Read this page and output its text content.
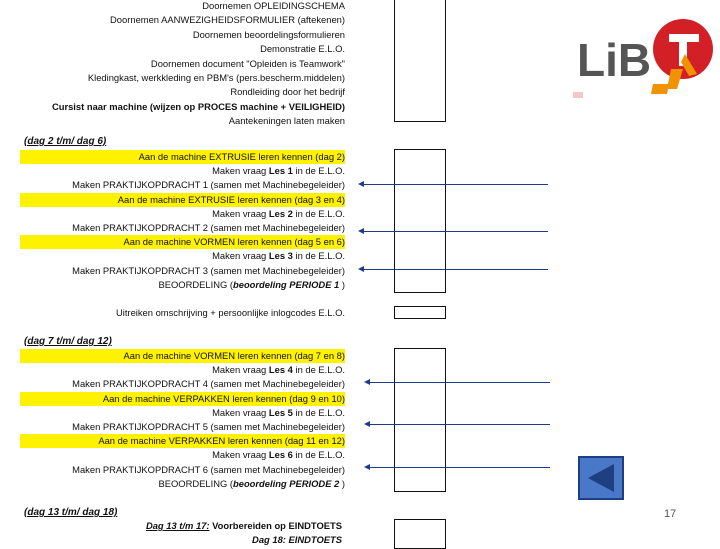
Doornemen OPLEIDINGSCHEMA
Doornemen AANWEZIGHEIDSFORMULIER (aftekenen)
Doornemen beoordelingsformulieren
Demonstratie E.L.O.
Doornemen document "Opleiden is Teamwork"
Kledingkast, werkkleding en PBM's (pers.bescherm.middelen)
Rondleiding door het bedrijf
Cursist naar machine (wijzen op PROCES machine + VEILIGHEID)
Aantekeningen laten maken
(dag 2 t/m/ dag 6)
Aan de machine EXTRUSIE leren kennen (dag 2)
Maken vraag Les 1 in de E.L.O.
Maken PRAKTIJKOPDRACHT 1 (samen met Machinebegeleider)
Aan de machine EXTRUSIE leren kennen (dag 3 en 4)
Maken vraag Les 2 in de E.L.O.
Maken PRAKTIJKOPDRACHT 2 (samen met Machinebegeleider)
Aan de machine VORMEN leren kennen (dag 5 en 6)
Maken vraag Les 3 in de E.L.O.
Maken PRAKTIJKOPDRACHT 3 (samen met Machinebegeleider)
BEOORDELING (beoordeling PERIODE 1 )
Uitreiken omschrijving + persoonlijke inlogcodes E.L.O.
(dag 7 t/m/ dag 12)
Aan de machine VORMEN leren kennen (dag 7 en 8)
Maken vraag Les 4 in de E.L.O.
Maken PRAKTIJKOPDRACHT 4 (samen met Machinebegeleider)
Aan de machine VERPAKKEN leren kennen (dag 9 en 10)
Maken vraag Les 5 in de E.L.O.
Maken PRAKTIJKOPDRACHT 5 (samen met Machinebegeleider)
Aan de machine VERPAKKEN leren kennen (dag 11 en 12)
Maken vraag Les 6 in de E.L.O.
Maken PRAKTIJKOPDRACHT 6 (samen met Machinebegeleider)
BEOORDELING (beoordeling PERIODE 2 )
(dag 13 t/m/ dag 18)
Dag 13 t/m 17: Voorbereiden op EINDTOETS
Dag 18: EINDTOETS
LiB
17
